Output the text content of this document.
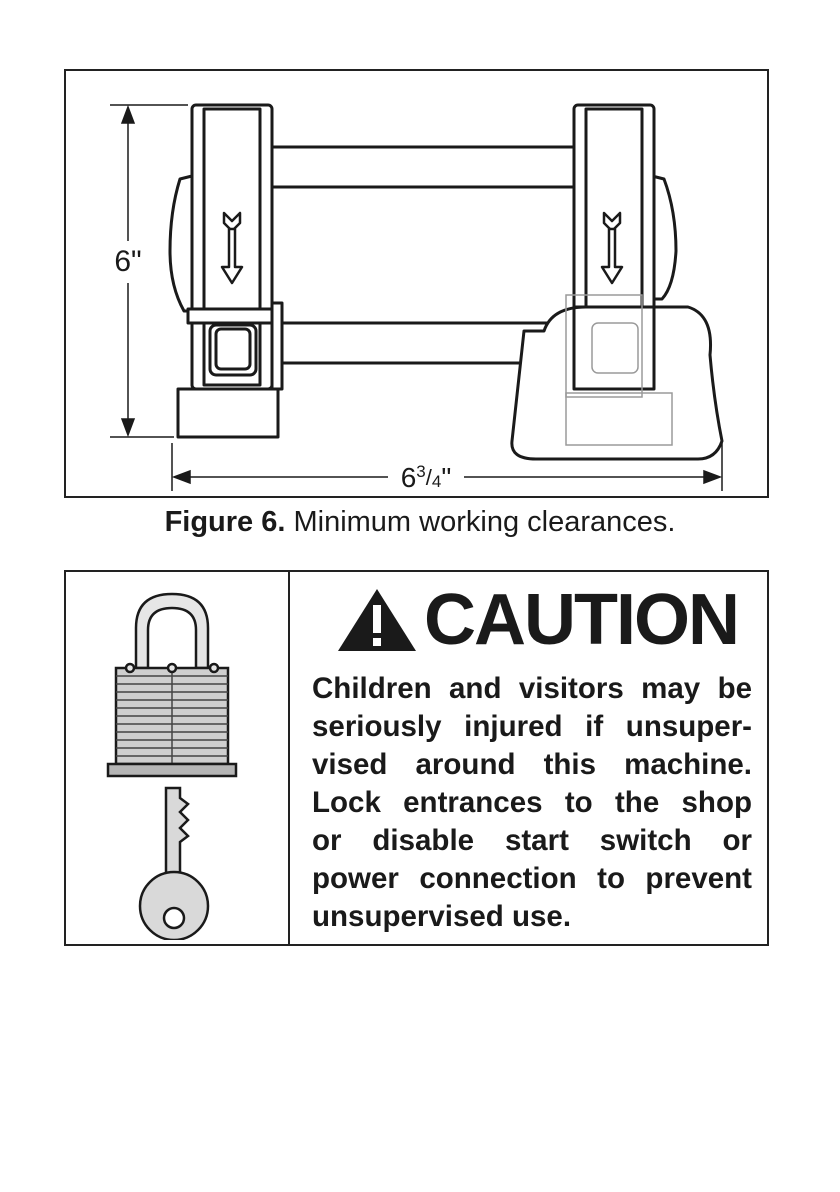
6"
$6^3_/4$"
Figure 6. Minimum working clearances.
CAUTION
Children and visitors may be
seriously injured if unsuper-
vised around this machine.
Lock entrances to the shop
or disable start switch or
power connection to prevent
unsupervised use.
